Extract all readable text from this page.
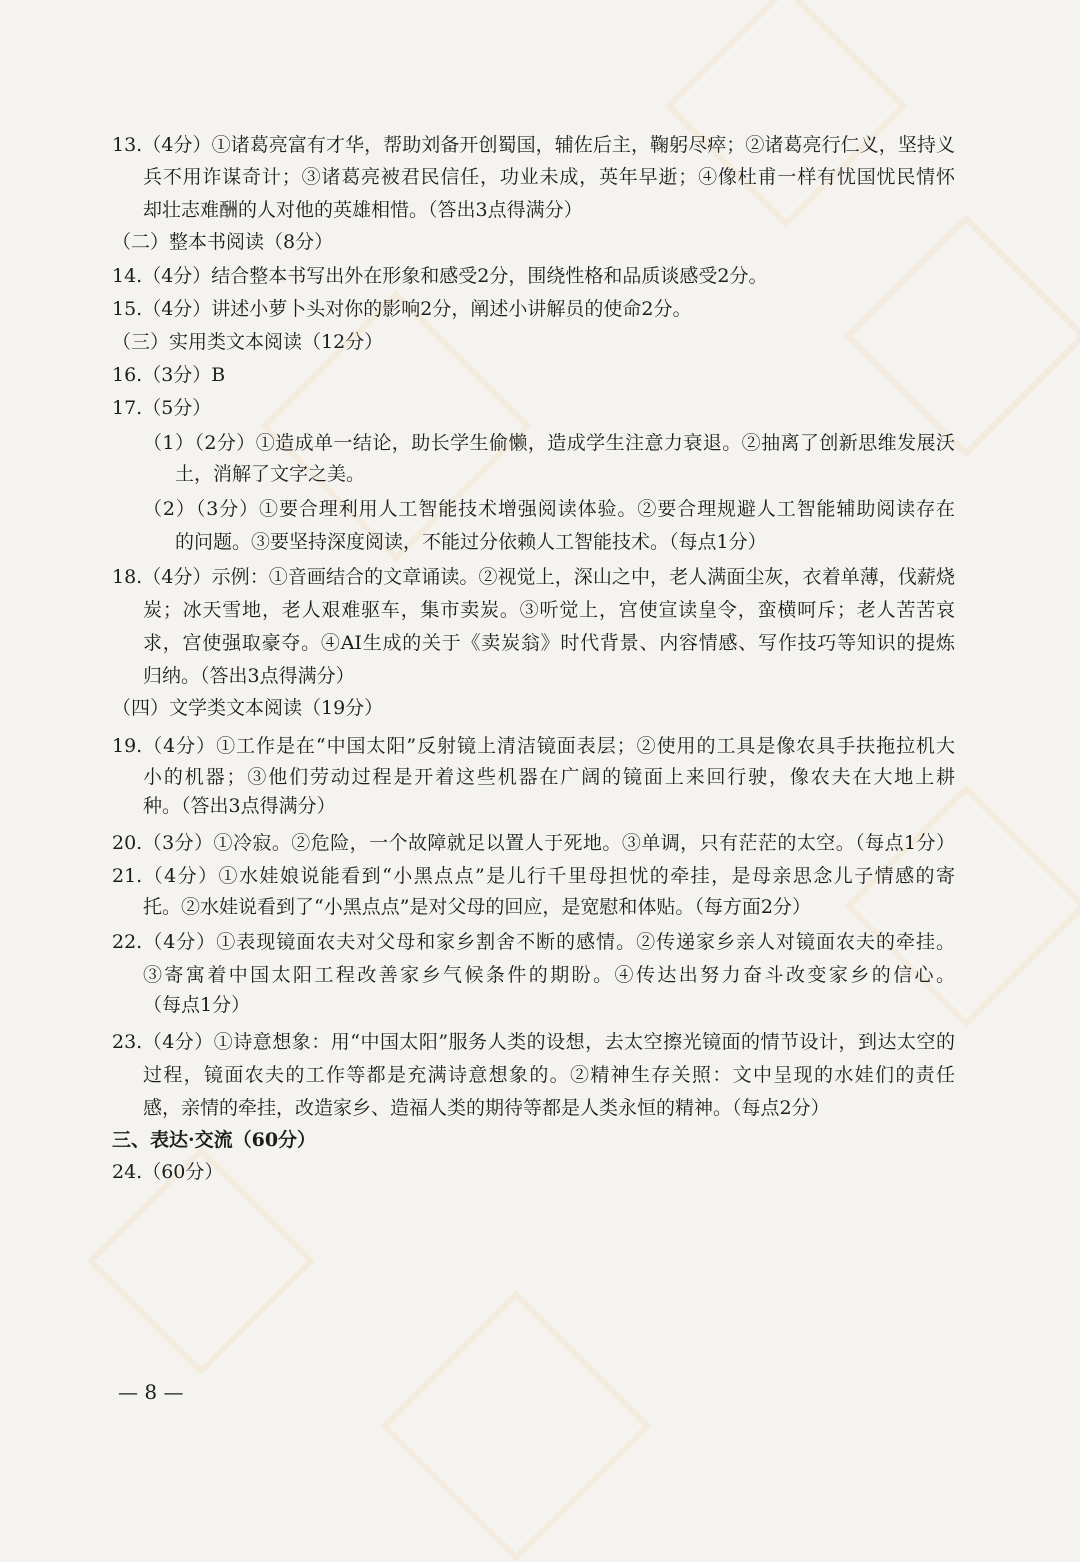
13.（4分）①诸葛亮富有才华，帮助刘备开创蜀国，辅佐后主，鞠躬尽瘁；②诸葛亮行仁义，坚持义
兵不用诈谋奇计；③诸葛亮被君民信任，功业未成，英年早逝；④像杜甫一样有忧国忧民情怀
却壮志难酬的人对他的英雄相惜。（答出3点得满分）
（二）整本书阅读（8分）
14.（4分）结合整本书写出外在形象和感受2分，围绕性格和品质谈感受2分。
15.（4分）讲述小萝卜头对你的影响2分，阐述小讲解员的使命2分。
（三）实用类文本阅读（12分）
16.（3分）B
17.（5分）
（1）（2分）①造成单一结论，助长学生偷懒，造成学生注意力衰退。②抽离了创新思维发展沃
土，消解了文字之美。
（2）（3分）①要合理利用人工智能技术增强阅读体验。②要合理规避人工智能辅助阅读存在
的问题。③要坚持深度阅读，不能过分依赖人工智能技术。（每点1分）
18.（4分）示例：①音画结合的文章诵读。②视觉上，深山之中，老人满面尘灰，衣着单薄，伐薪烧
炭；冰天雪地，老人艰难驱车，集市卖炭。③听觉上，宫使宣读皇令，蛮横呵斥；老人苦苦哀
求，宫使强取豪夺。④AI生成的关于《卖炭翁》时代背景、内容情感、写作技巧等知识的提炼
归纳。（答出3点得满分）
（四）文学类文本阅读（19分）
19.（4分）①工作是在“中国太阳”反射镜上清洁镜面表层；②使用的工具是像农具手扶拖拉机大
小的机器；③他们劳动过程是开着这些机器在广阔的镜面上来回行驶，像农夫在大地上耕
种。（答出3点得满分）
20.（3分）①冷寂。②危险，一个故障就足以置人于死地。③单调，只有茫茫的太空。（每点1分）
21.（4分）①水娃娘说能看到“小黑点点”是儿行千里母担忧的牵挂，是母亲思念儿子情感的寄
托。②水娃说看到了“小黑点点”是对父母的回应，是宽慰和体贴。（每方面2分）
22.（4分）①表现镜面农夫对父母和家乡割舍不断的感情。②传递家乡亲人对镜面农夫的牵挂。
③寄寓着中国太阳工程改善家乡气候条件的期盼。④传达出努力奋斗改变家乡的信心。
（每点1分）
23.（4分）①诗意想象：用“中国太阳”服务人类的设想，去太空擦光镜面的情节设计，到达太空的
过程，镜面农夫的工作等都是充满诗意想象的。②精神生存关照：文中呈现的水娃们的责任
感，亲情的牵挂，改造家乡、造福人类的期待等都是人类永恒的精神。（每点2分）
三、表达·交流（60分）
24.（60分）
— 8 —
